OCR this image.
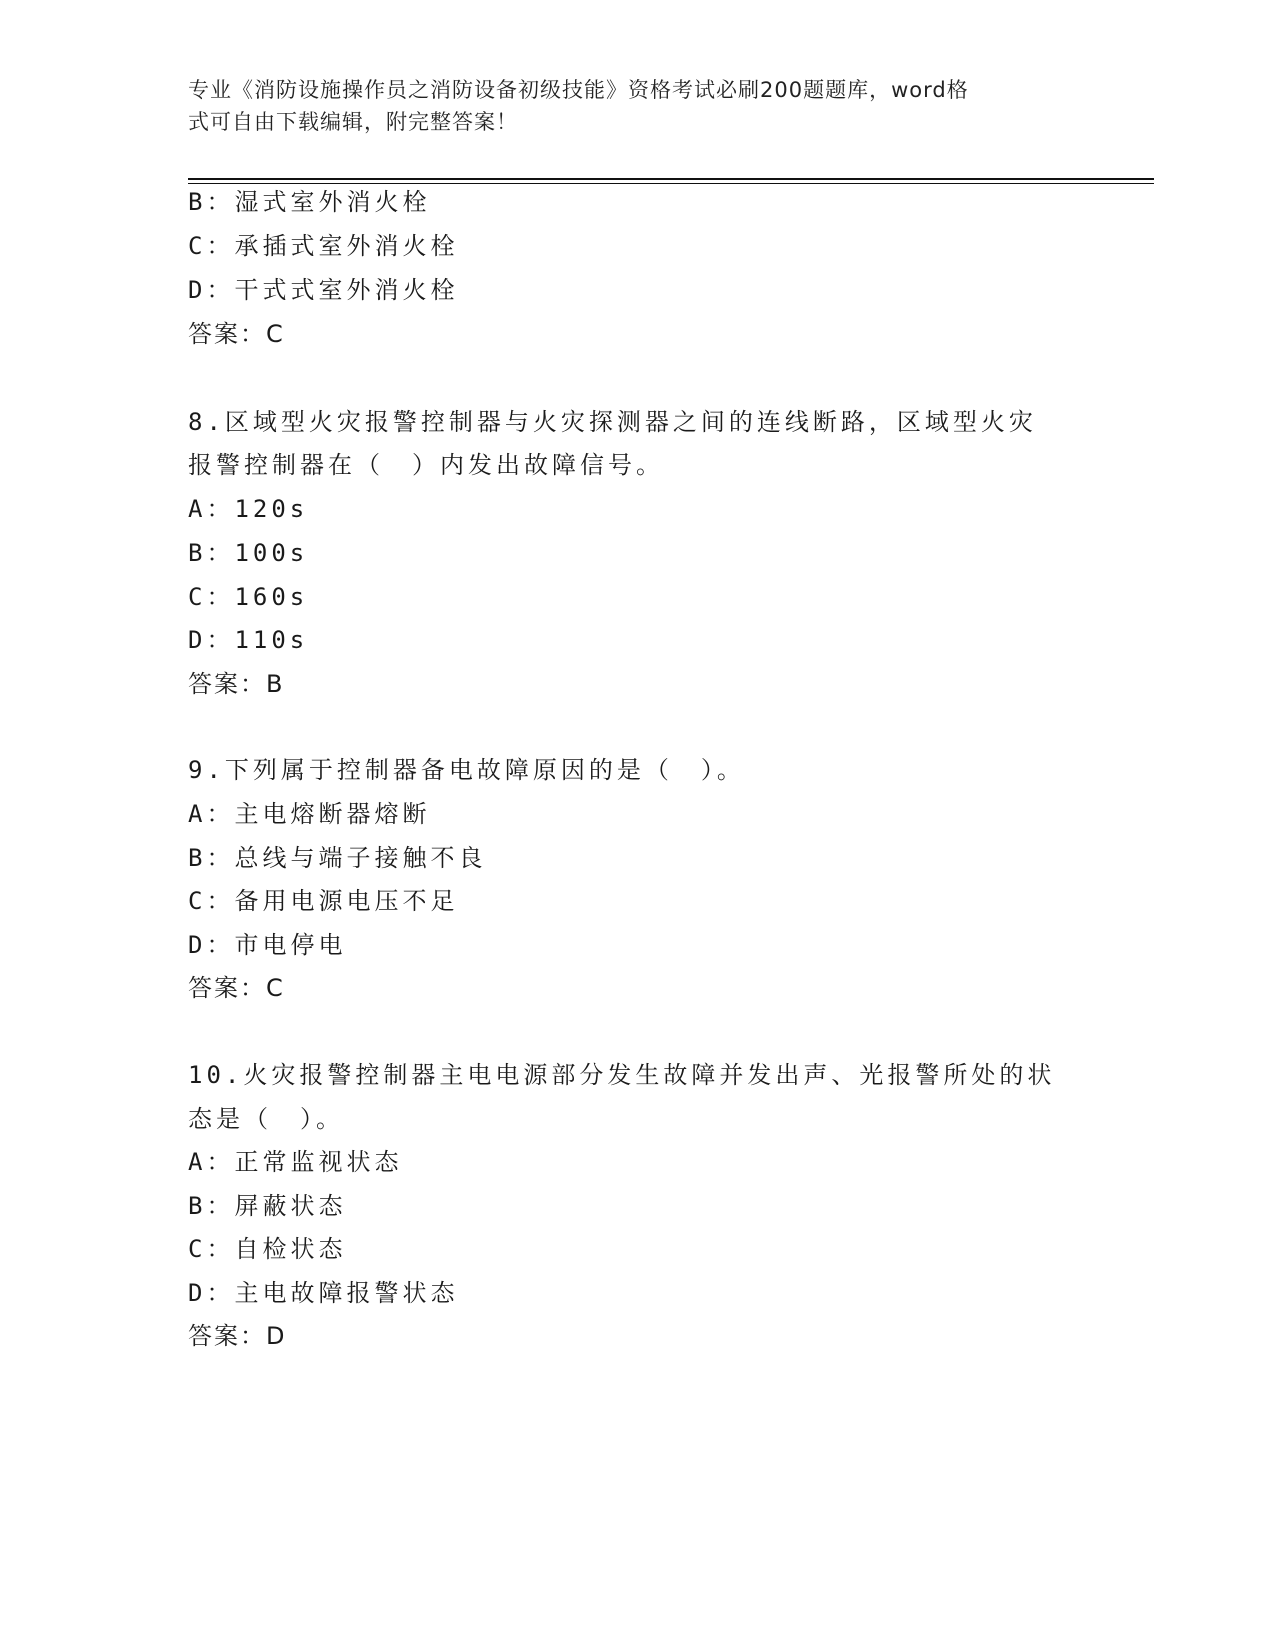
专业《消防设施操作员之消防设备初级技能》资格考试必刷200题题库，word格
式可自由下载编辑，附完整答案！
B：湿式室外消火栓
C：承插式室外消火栓
D：干式式室外消火栓
答案：C
8.区域型火灾报警控制器与火灾探测器之间的连线断路，区域型火灾
报警控制器在（　）内发出故障信号。
A：120s
B：100s
C：160s
D：110s
答案：B
9.下列属于控制器备电故障原因的是（　）。
A：主电熔断器熔断
B：总线与端子接触不良
C：备用电源电压不足
D：市电停电
答案：C
10.火灾报警控制器主电电源部分发生故障并发出声、光报警所处的状
态是（　）。
A：正常监视状态
B：屏蔽状态
C：自检状态
D：主电故障报警状态
答案：D
